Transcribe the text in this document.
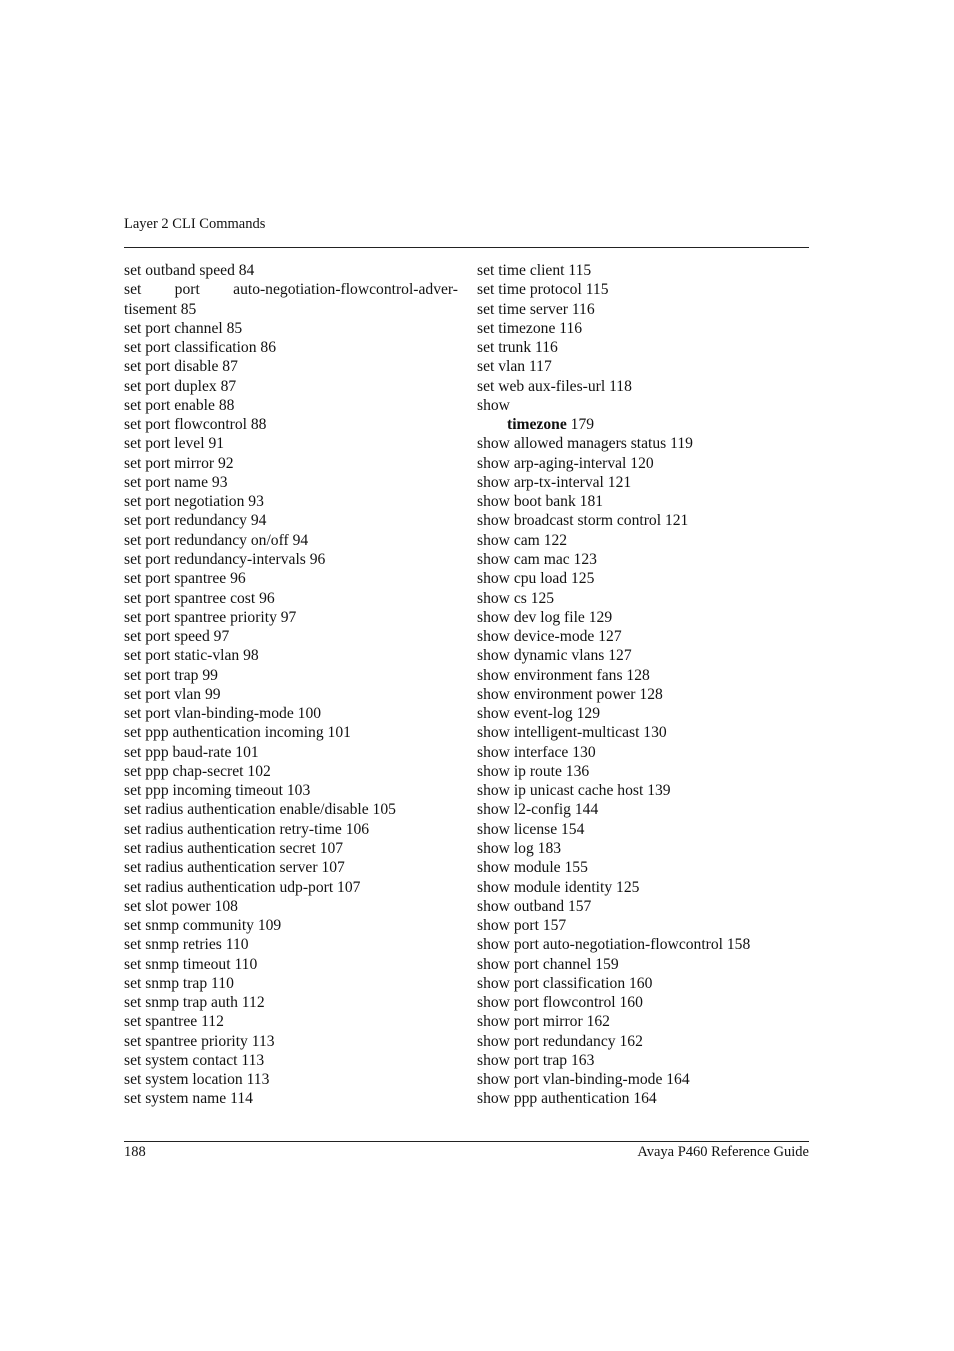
Layer 2 CLI Commands
set outband speed 84
set port auto-negotiation-flowcontrol-adver-
tisement 85
set port channel 85
set port classification 86
set port disable 87
set port duplex 87
set port enable 88
set port flowcontrol 88
set port level 91
set port mirror 92
set port name 93
set port negotiation 93
set port redundancy 94
set port redundancy on/off 94
set port redundancy-intervals 96
set port spantree 96
set port spantree cost 96
set port spantree priority 97
set port speed 97
set port static-vlan 98
set port trap 99
set port vlan 99
set port vlan-binding-mode 100
set ppp authentication incoming 101
set ppp baud-rate 101
set ppp chap-secret 102
set ppp incoming timeout 103
set radius authentication enable/disable 105
set radius authentication retry-time 106
set radius authentication secret 107
set radius authentication server 107
set radius authentication udp-port 107
set slot power 108
set snmp community 109
set snmp retries 110
set snmp timeout 110
set snmp trap 110
set snmp trap auth 112
set spantree 112
set spantree priority 113
set system contact 113
set system location 113
set system name 114
set time client 115
set time protocol 115
set time server 116
set timezone 116
set trunk 116
set vlan 117
set web aux-files-url 118
show
timezone 179
show allowed managers status 119
show arp-aging-interval 120
show arp-tx-interval 121
show boot bank 181
show broadcast storm control 121
show cam 122
show cam mac 123
show cpu load 125
show cs 125
show dev log file 129
show device-mode 127
show dynamic vlans 127
show environment fans 128
show environment power 128
show event-log 129
show intelligent-multicast 130
show interface 130
show ip route 136
show ip unicast cache host 139
show l2-config 144
show license 154
show log 183
show module 155
show module identity 125
show outband 157
show port 157
show port auto-negotiation-flowcontrol 158
show port channel 159
show port classification 160
show port flowcontrol 160
show port mirror 162
show port redundancy 162
show port trap 163
show port vlan-binding-mode 164
show ppp authentication 164
188	Avaya P460 Reference Guide
